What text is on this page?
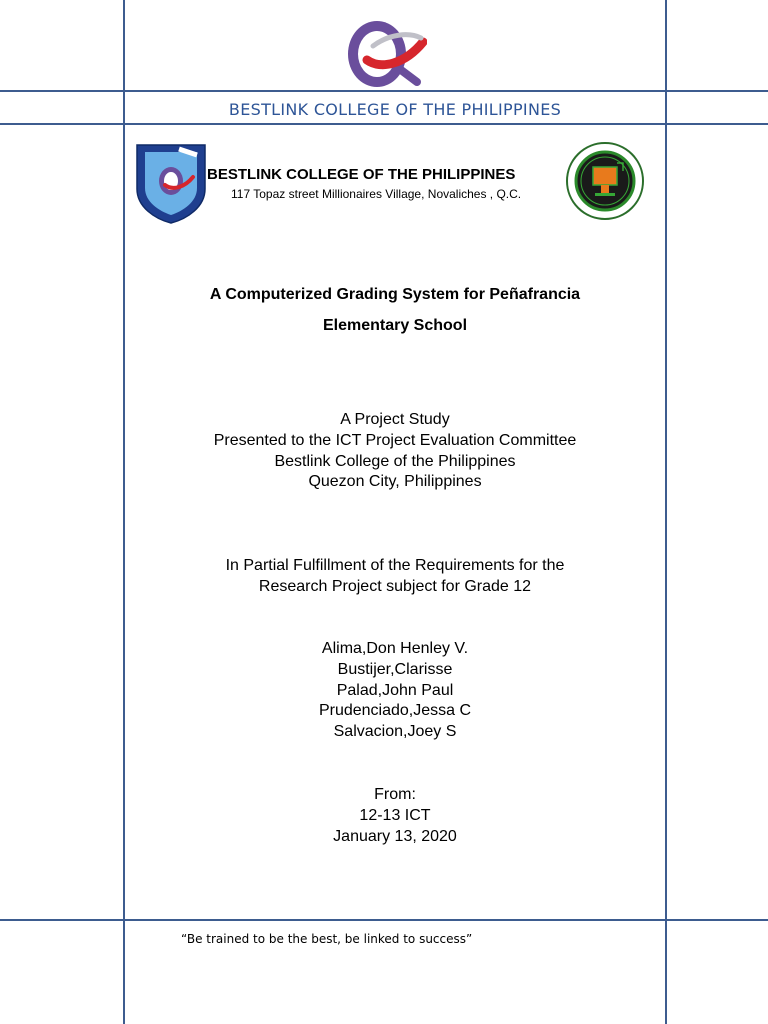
BESTLINK COLLEGE OF THE PHILIPPINES
BESTLINK COLLEGE OF THE PHILIPPINES
117 Topaz street Millionaires Village, Novaliches , Q.C.
A Computerized Grading System for Peñafrancia
Elementary School
A Project Study
Presented to the ICT Project Evaluation Committee
Bestlink College of the Philippines
Quezon City, Philippines
In Partial Fulfillment of the Requirements for the
Research Project subject for Grade 12
Alima,Don Henley V.
Bustijer,Clarisse
Palad,John Paul
Prudenciado,Jessa C
Salvacion,Joey S
From:
12-13 ICT
January 13, 2020
“Be trained to be the best, be linked to success”
